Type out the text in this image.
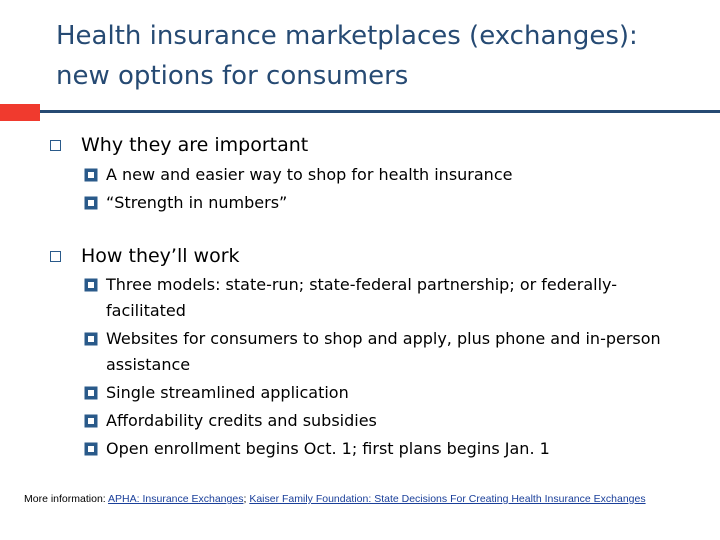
Health insurance marketplaces (exchanges):
new options for consumers
Why they are important
A new and easier way to shop for health insurance
“Strength in numbers”
How they’ll work
Three models: state-run; state-federal partnership; or federally-facilitated
Websites for consumers to shop and apply, plus phone and in-person assistance
Single streamlined application
Affordability credits and subsidies
Open enrollment begins Oct. 1; first plans begins Jan. 1
More information: APHA: Insurance Exchanges; Kaiser Family Foundation: State Decisions For Creating Health Insurance Exchanges
